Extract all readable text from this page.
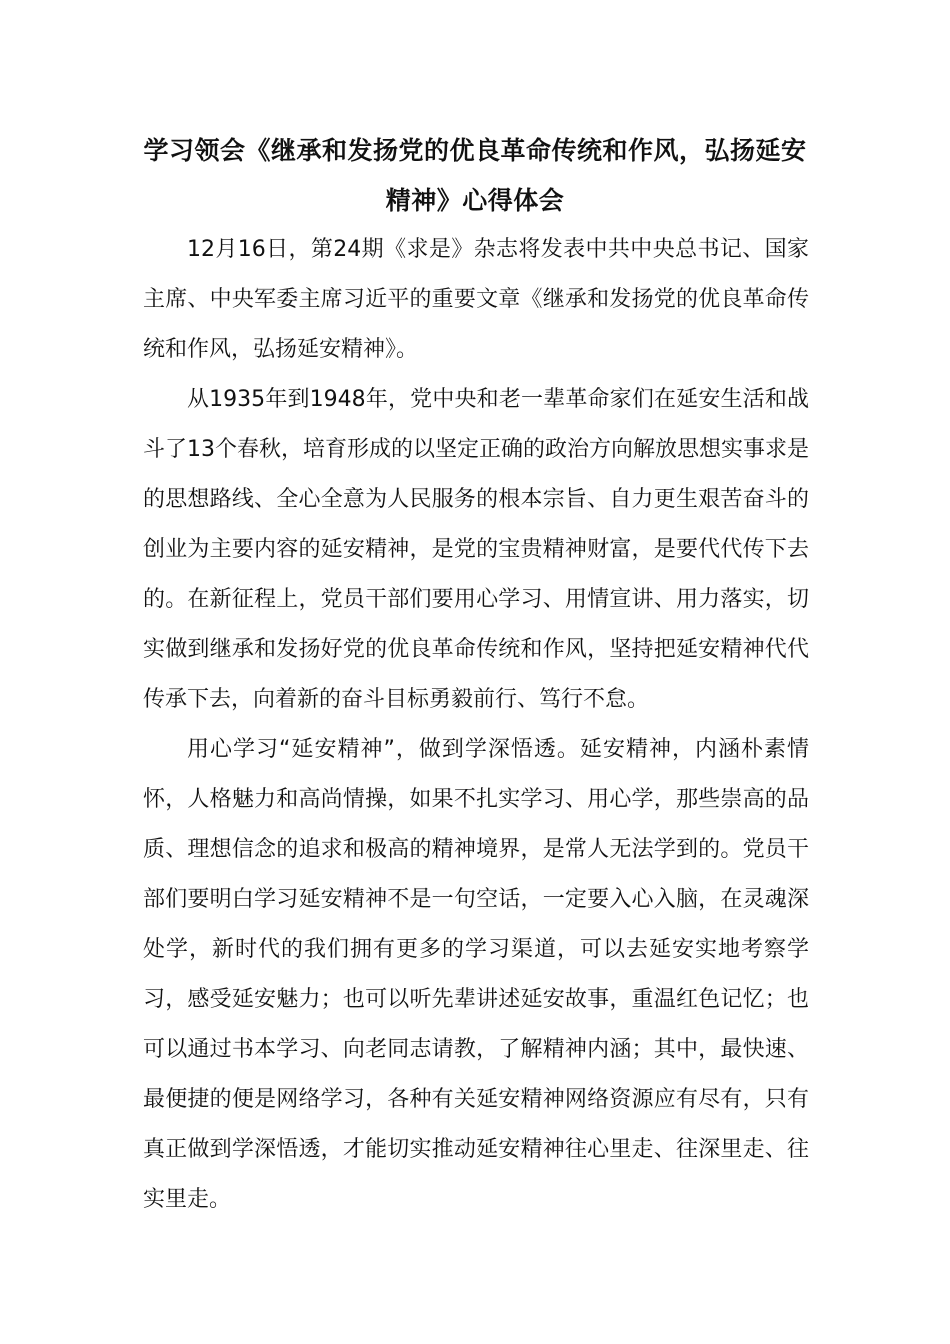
学习领会《继承和发扬党的优良革命传统和作风，弘扬延安精神》心得体会

12月16日，第24期《求是》杂志将发表中共中央总书记、国家主席、中央军委主席习近平的重要文章《继承和发扬党的优良革命传统和作风，弘扬延安精神》。

从1935年到1948年，党中央和老一辈革命家们在延安生活和战斗了13个春秋，培育形成的以坚定正确的政治方向解放思想实事求是的思想路线、全心全意为人民服务的根本宗旨、自力更生艰苦奋斗的创业为主要内容的延安精神，是党的宝贵精神财富，是要代代传下去的。在新征程上，党员干部们要用心学习、用情宣讲、用力落实，切实做到继承和发扬好党的优良革命传统和作风，坚持把延安精神代代传承下去，向着新的奋斗目标勇毅前行、笃行不怠。

用心学习“延安精神”，做到学深悟透。延安精神，内涵朴素情怀，人格魅力和高尚情操，如果不扎实学习、用心学，那些崇高的品质、理想信念的追求和极高的精神境界，是常人无法学到的。党员干部们要明白学习延安精神不是一句空话，一定要入心入脑，在灵魂深处学，新时代的我们拥有更多的学习渠道，可以去延安实地考察学习，感受延安魅力；也可以听先辈讲述延安故事，重温红色记忆；也可以通过书本学习、向老同志请教，了解精神内涵；其中，最快速、最便捷的便是网络学习，各种有关延安精神网络资源应有尽有，只有真正做到学深悟透，才能切实推动延安精神往心里走、往深里走、往实里走。
